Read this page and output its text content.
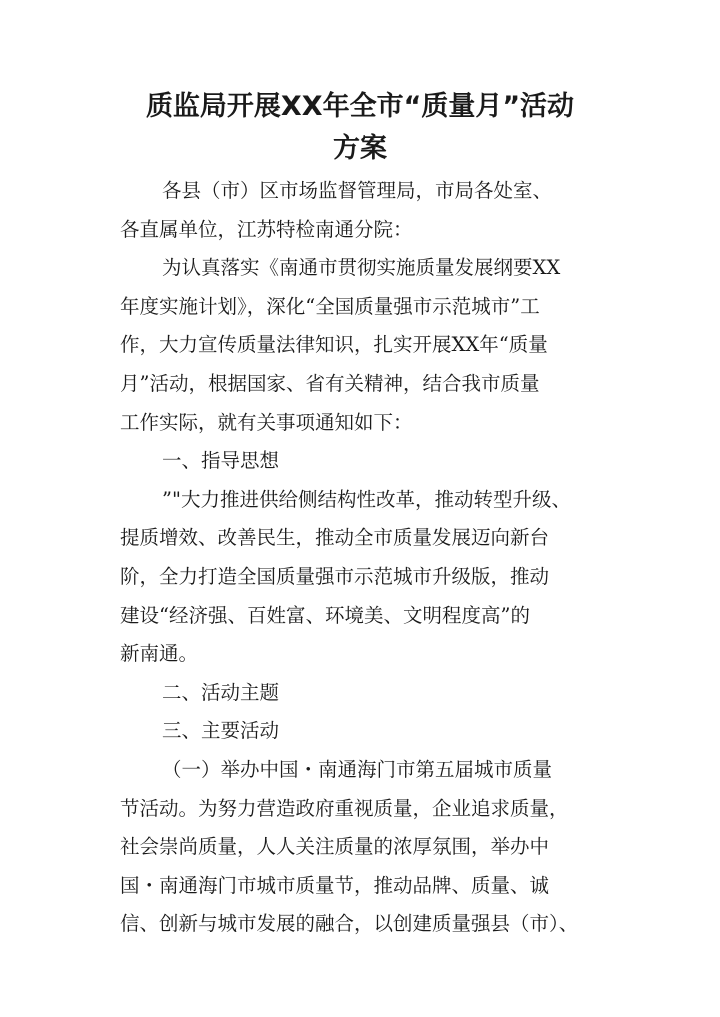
质监局开展XX年全市“质量月”活动
方案
各县（市）区市场监督管理局，市局各处室、
各直属单位，江苏特检南通分院：
为认真落实《南通市贯彻实施质量发展纲要XX
年度实施计划》，深化“全国质量强市示范城市”工
作，大力宣传质量法律知识，扎实开展XX年“质量
月”活动，根据国家、省有关精神，结合我市质量
工作实际，就有关事项通知如下：
一、指导思想
”"大力推进供给侧结构性改革，推动转型升级、
提质增效、改善民生，推动全市质量发展迈向新台
阶，全力打造全国质量强市示范城市升级版，推动
建设“经济强、百姓富、环境美、文明程度高”的
新南通。
二、活动主题
三、主要活动
（一）举办中国・南通海门市第五届城市质量
节活动。为努力营造政府重视质量，企业追求质量，
社会崇尚质量，人人关注质量的浓厚氛围，举办中
国・南通海门市城市质量节，推动品牌、质量、诚
信、创新与城市发展的融合，以创建质量强县（市）、
